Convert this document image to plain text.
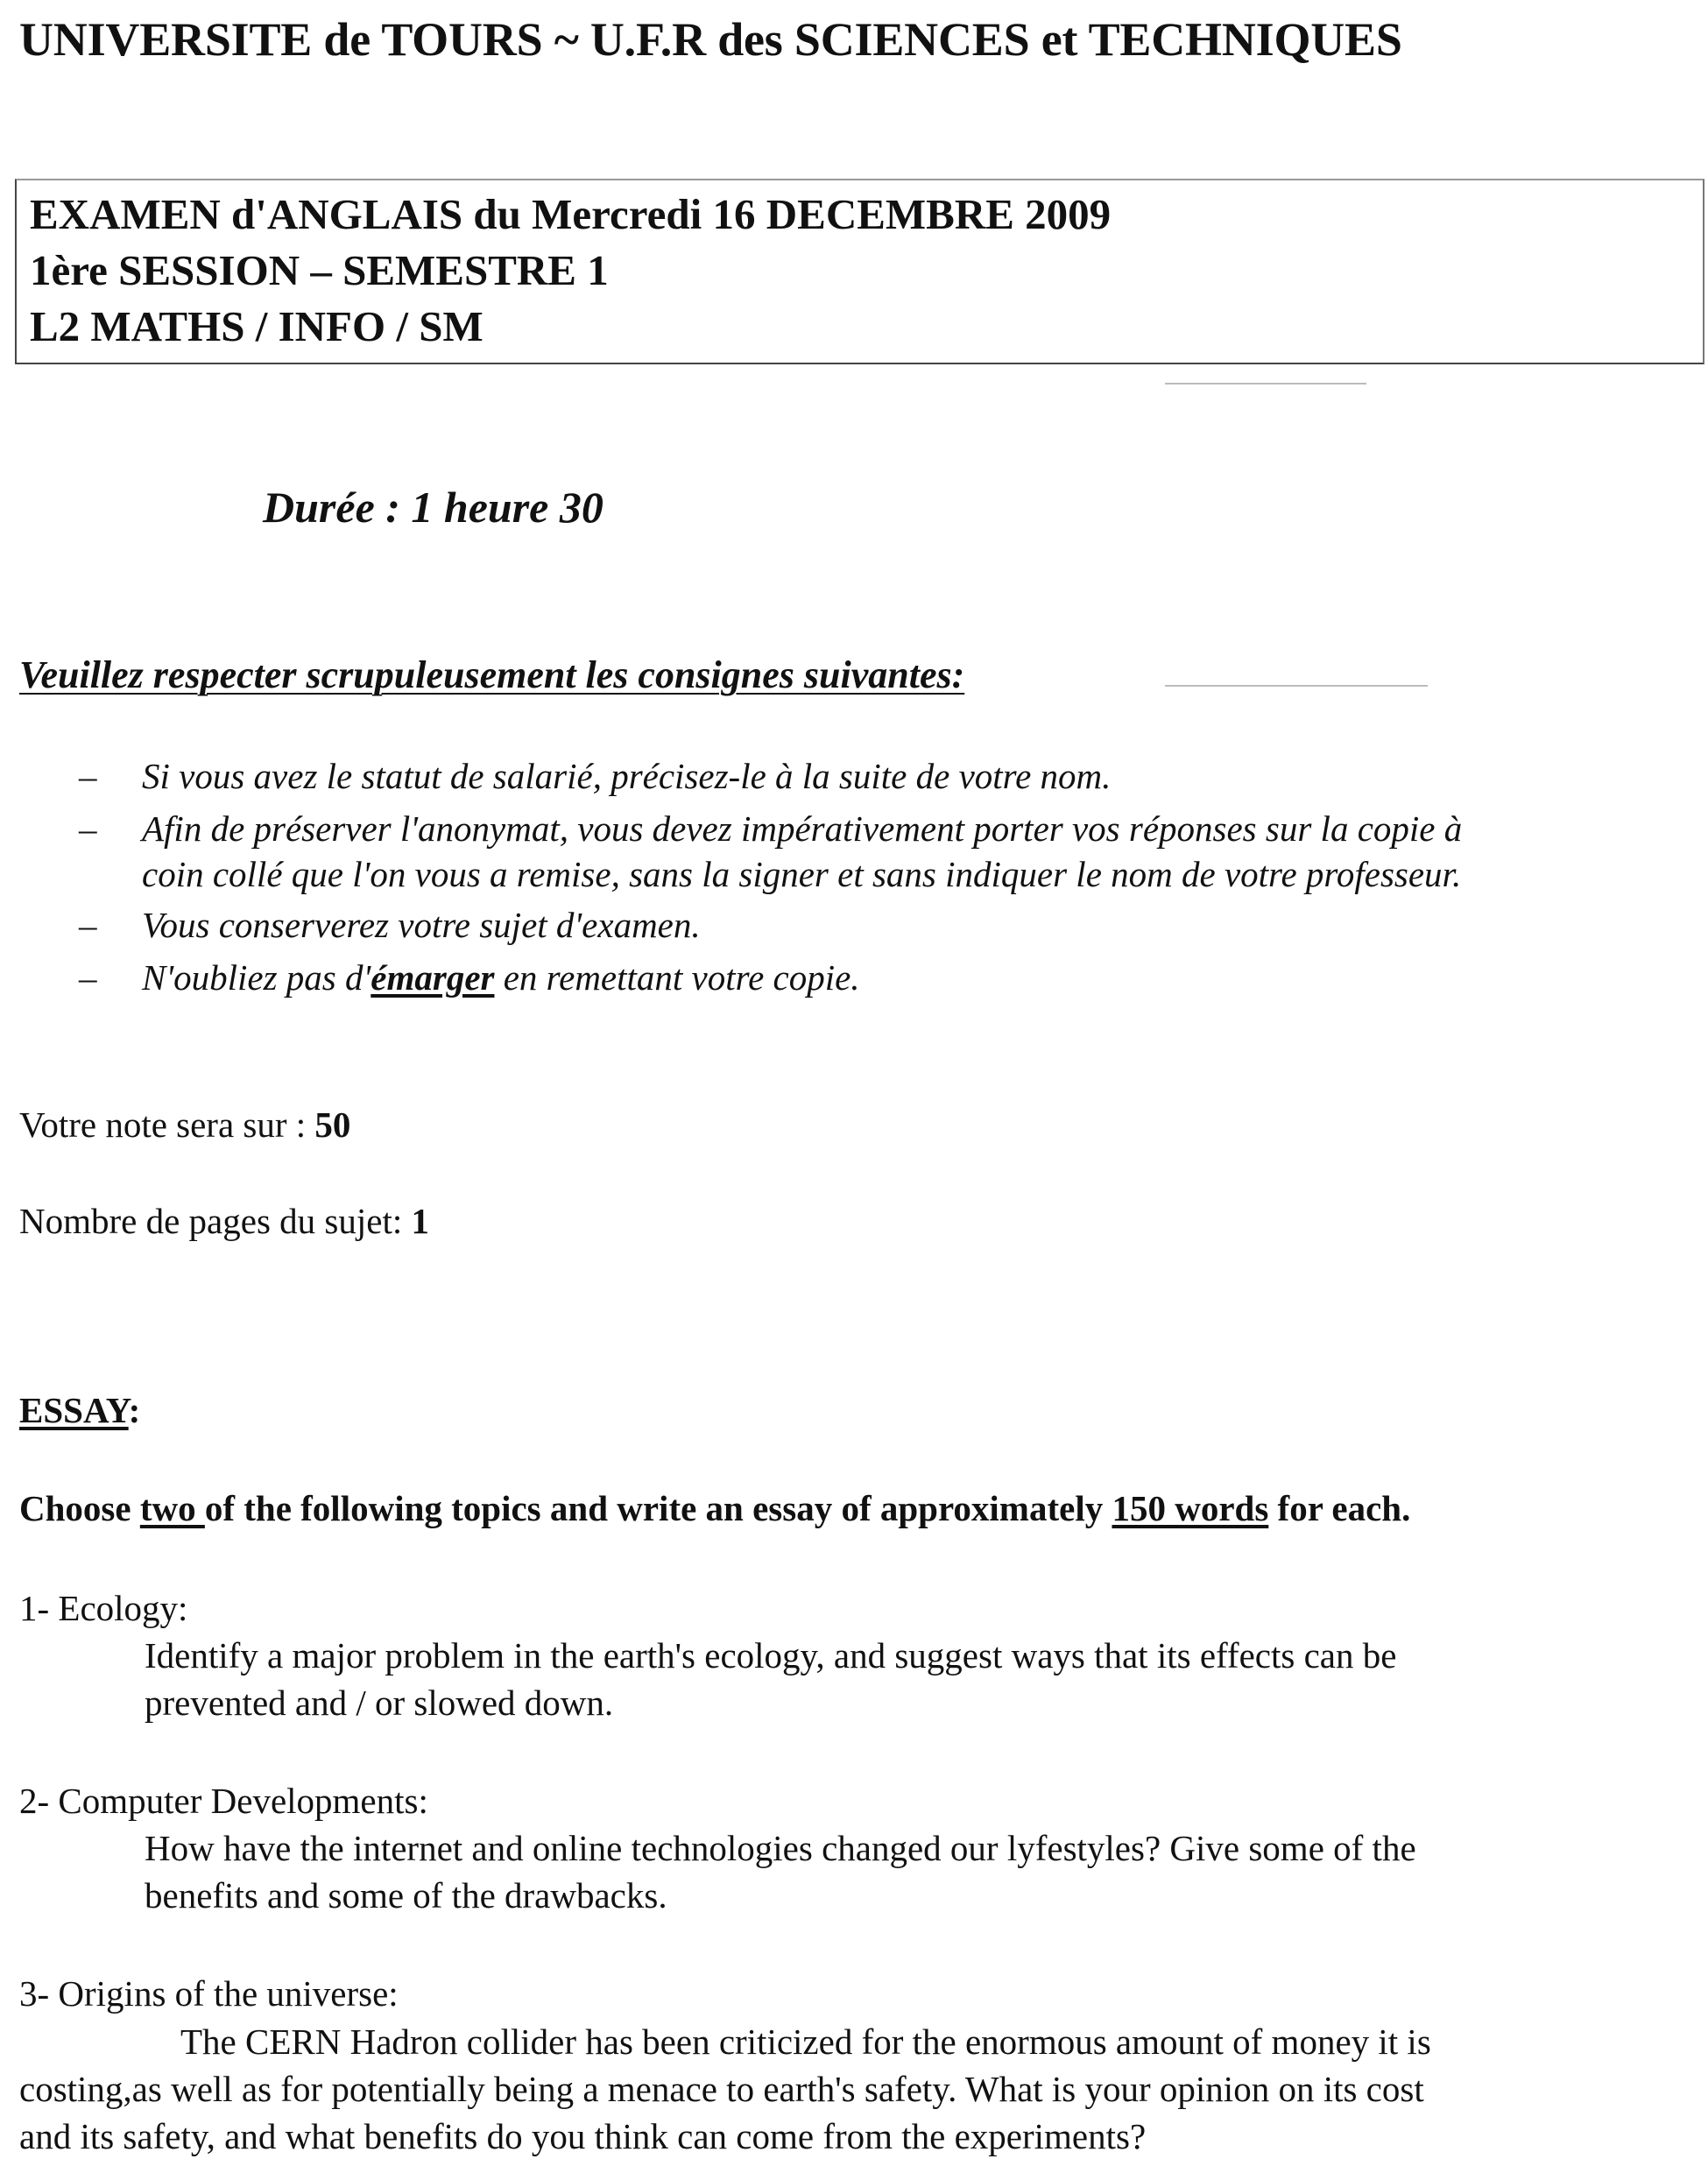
UNIVERSITE de TOURS ~ U.F.R des SCIENCES et TECHNIQUES
EXAMEN d'ANGLAIS du Mercredi 16 DECEMBRE 2009
1ère SESSION – SEMESTRE 1
L2 MATHS / INFO / SM
Durée : 1 heure 30
Veuillez respecter scrupuleusement les consignes suivantes:
– Si vous avez le statut de salarié, précisez-le à la suite de votre nom.
– Afin de préserver l'anonymat, vous devez impérativement porter vos réponses sur la copie à
coin collé que l'on vous a remise, sans la signer et sans indiquer le nom de votre professeur.
– Vous conserverez votre sujet d'examen.
– N'oubliez pas d'émarger en remettant votre copie.
Votre note sera sur : 50
Nombre de pages du sujet: 1
ESSAY:
Choose two of the following topics and write an essay of approximately 150 words for each.
1- Ecology:
Identify a major problem in the earth's ecology, and suggest ways that its effects can be
prevented and / or slowed down.
2- Computer Developments:
How have the internet and online technologies changed our lyfestyles? Give some of the
benefits and some of the drawbacks.
3- Origins of the universe:
The CERN Hadron collider has been criticized for the enormous amount of money it is
costing,as well as for potentially being a menace to earth's safety. What is your opinion on its cost
and its safety, and what benefits do you think can come from the experiments?
